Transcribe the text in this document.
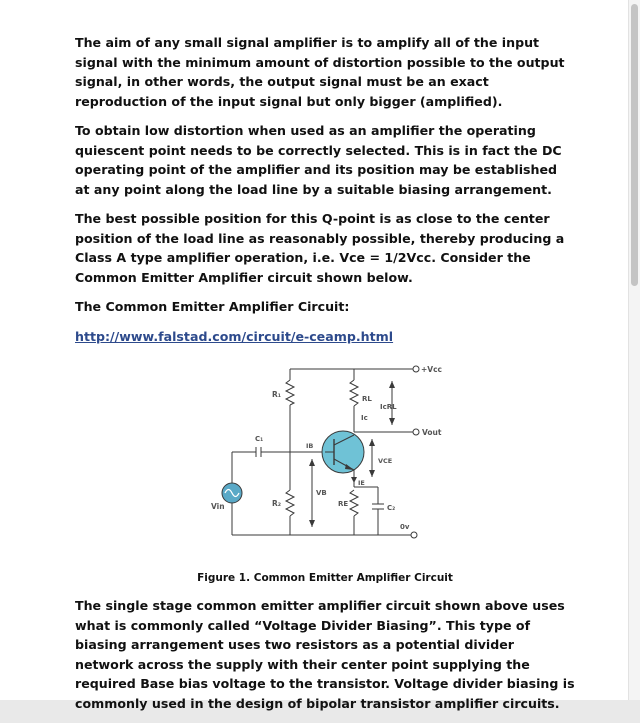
The aim of any small signal amplifier is to amplify all of the input signal with the minimum amount of distortion possible to the output signal, in other words, the output signal must be an exact reproduction of the input signal but only bigger (amplified).

To obtain low distortion when used as an amplifier the operating quiescent point needs to be correctly selected. This is in fact the DC operating point of the amplifier and its position may be established at any point along the load line by a suitable biasing arrangement.

The best possible position for this Q-point is as close to the center position of the load line as reasonably possible, thereby producing a Class A type amplifier operation, i.e. Vce = 1/2Vcc. Consider the Common Emitter Amplifier circuit shown below.

The Common Emitter Amplifier Circuit:

http://www.falstad.com/circuit/e-ceamp.html

+Vcc
Vout
Vin
0v
R₁
R₂
RL
RE
C₁
C₂
IcRL
Ic
IB
IE
VB
VCE

Figure 1. Common Emitter Amplifier Circuit

The single stage common emitter amplifier circuit shown above uses what is commonly called “Voltage Divider Biasing”. This type of biasing arrangement uses two resistors as a potential divider network across the supply with their center point supplying the required Base bias voltage to the transistor. Voltage divider biasing is commonly used in the design of bipolar transistor amplifier circuits.
